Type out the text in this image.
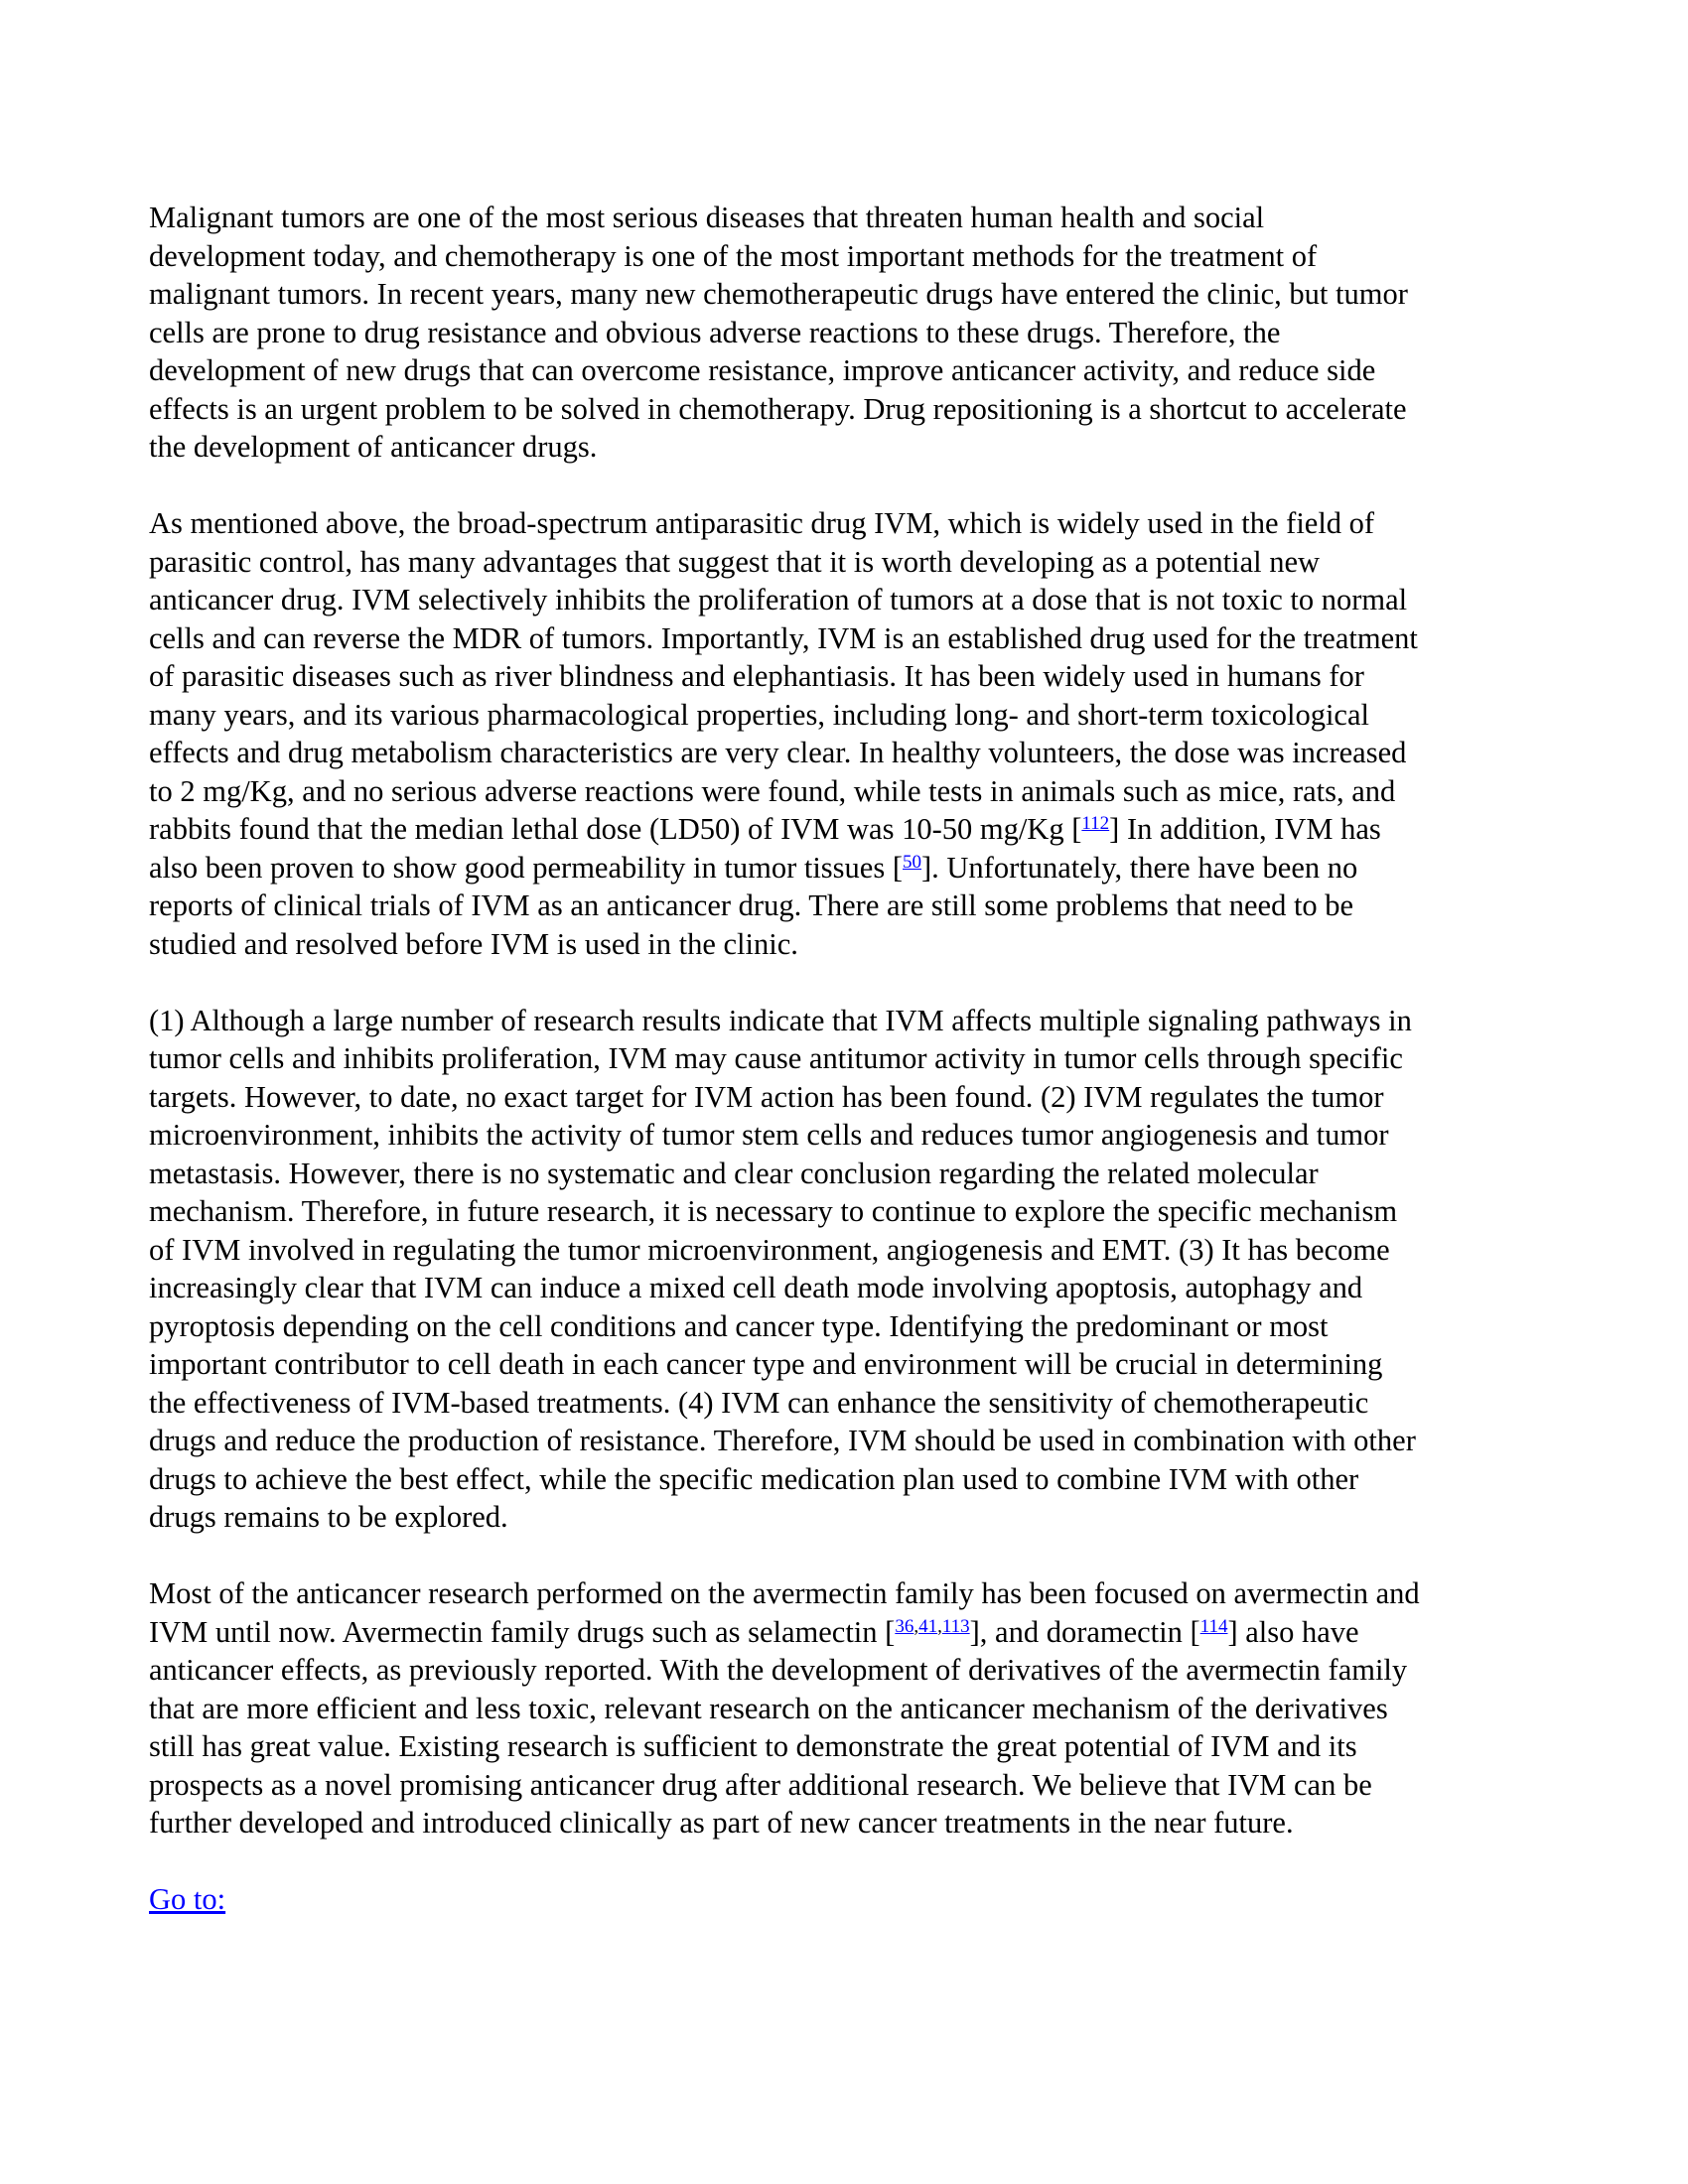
Malignant tumors are one of the most serious diseases that threaten human health and social
development today, and chemotherapy is one of the most important methods for the treatment of
malignant tumors. In recent years, many new chemotherapeutic drugs have entered the clinic, but tumor
cells are prone to drug resistance and obvious adverse reactions to these drugs. Therefore, the
development of new drugs that can overcome resistance, improve anticancer activity, and reduce side
effects is an urgent problem to be solved in chemotherapy. Drug repositioning is a shortcut to accelerate
the development of anticancer drugs.

As mentioned above, the broad-spectrum antiparasitic drug IVM, which is widely used in the field of
parasitic control, has many advantages that suggest that it is worth developing as a potential new
anticancer drug. IVM selectively inhibits the proliferation of tumors at a dose that is not toxic to normal
cells and can reverse the MDR of tumors. Importantly, IVM is an established drug used for the treatment
of parasitic diseases such as river blindness and elephantiasis. It has been widely used in humans for
many years, and its various pharmacological properties, including long- and short-term toxicological
effects and drug metabolism characteristics are very clear. In healthy volunteers, the dose was increased
to 2 mg/Kg, and no serious adverse reactions were found, while tests in animals such as mice, rats, and
rabbits found that the median lethal dose (LD50) of IVM was 10-50 mg/Kg [$^{112}$] In addition, IVM has
also been proven to show good permeability in tumor tissues [$^{50}$]. Unfortunately, there have been no
reports of clinical trials of IVM as an anticancer drug. There are still some problems that need to be
studied and resolved before IVM is used in the clinic.

(1) Although a large number of research results indicate that IVM affects multiple signaling pathways in
tumor cells and inhibits proliferation, IVM may cause antitumor activity in tumor cells through specific
targets. However, to date, no exact target for IVM action has been found. (2) IVM regulates the tumor
microenvironment, inhibits the activity of tumor stem cells and reduces tumor angiogenesis and tumor
metastasis. However, there is no systematic and clear conclusion regarding the related molecular
mechanism. Therefore, in future research, it is necessary to continue to explore the specific mechanism
of IVM involved in regulating the tumor microenvironment, angiogenesis and EMT. (3) It has become
increasingly clear that IVM can induce a mixed cell death mode involving apoptosis, autophagy and
pyroptosis depending on the cell conditions and cancer type. Identifying the predominant or most
important contributor to cell death in each cancer type and environment will be crucial in determining
the effectiveness of IVM-based treatments. (4) IVM can enhance the sensitivity of chemotherapeutic
drugs and reduce the production of resistance. Therefore, IVM should be used in combination with other
drugs to achieve the best effect, while the specific medication plan used to combine IVM with other
drugs remains to be explored.

Most of the anticancer research performed on the avermectin family has been focused on avermectin and
IVM until now. Avermectin family drugs such as selamectin [$^{36,41,113}$], and doramectin [$^{114}$] also have
anticancer effects, as previously reported. With the development of derivatives of the avermectin family
that are more efficient and less toxic, relevant research on the anticancer mechanism of the derivatives
still has great value. Existing research is sufficient to demonstrate the great potential of IVM and its
prospects as a novel promising anticancer drug after additional research. We believe that IVM can be
further developed and introduced clinically as part of new cancer treatments in the near future.

Go to:
